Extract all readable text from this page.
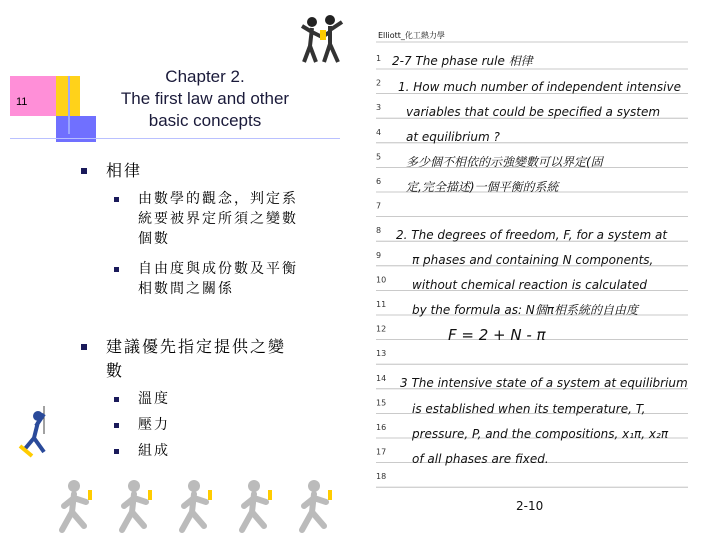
11
Chapter 2.
The first law and other
basic concepts
相律
由數學的觀念，判定系
統要被界定所須之變數
個數
自由度與成份數及平衡
相數間之關係
建議優先指定提供之變
數
溫度
壓力
組成
Elliott_化工熱力學
1
2
3
4
5
6
7
8
9
10
11
12
13
14
15
16
17
18
2-7 The phase rule 相律
1. How much number of independent intensive
variables that could be specified a system
at equilibrium ?
多少個不相依的示強變數可以界定(固
定,完全描述)一個平衡的系統
2. The degrees of freedom, F, for a system at
π phases and containing N components,
without chemical reaction is calculated
by the formula as: N個π相系統的自由度
F = 2 + N - π
3 The intensive state of a system at equilibrium
is established when its temperature, T,
pressure, P, and the compositions, x₁π, x₂π
of all phases are fixed.
2-10
